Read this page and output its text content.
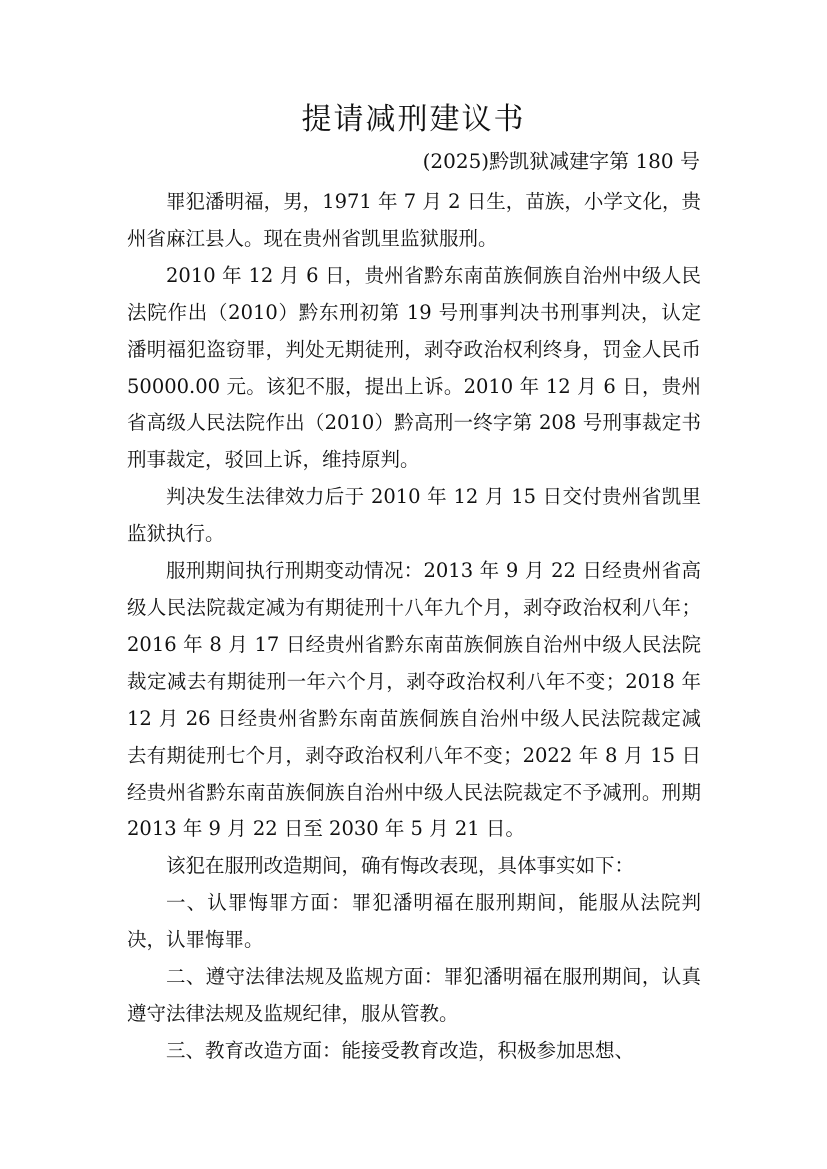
提请减刑建议书
(2025)黔凯狱减建字第 180 号

罪犯潘明福，男，1971 年 7 月 2 日生，苗族，小学文化，贵州省麻江县人。现在贵州省凯里监狱服刑。

2010 年 12 月 6 日，贵州省黔东南苗族侗族自治州中级人民法院作出（2010）黔东刑初第 19 号刑事判决书刑事判决，认定潘明福犯盗窃罪，判处无期徒刑，剥夺政治权利终身，罚金人民币 50000.00 元。该犯不服，提出上诉。2010 年 12 月 6 日，贵州省高级人民法院作出（2010）黔高刑一终字第 208 号刑事裁定书刑事裁定，驳回上诉，维持原判。

判决发生法律效力后于 2010 年 12 月 15 日交付贵州省凯里监狱执行。

服刑期间执行刑期变动情况：2013 年 9 月 22 日经贵州省高级人民法院裁定减为有期徒刑十八年九个月，剥夺政治权利八年；2016 年 8 月 17 日经贵州省黔东南苗族侗族自治州中级人民法院裁定减去有期徒刑一年六个月，剥夺政治权利八年不变；2018 年 12 月 26 日经贵州省黔东南苗族侗族自治州中级人民法院裁定减去有期徒刑七个月，剥夺政治权利八年不变；2022 年 8 月 15 日经贵州省黔东南苗族侗族自治州中级人民法院裁定不予减刑。刑期 2013 年 9 月 22 日至 2030 年 5 月 21 日。

该犯在服刑改造期间，确有悔改表现，具体事实如下：

一、认罪悔罪方面：罪犯潘明福在服刑期间，能服从法院判决，认罪悔罪。

二、遵守法律法规及监规方面：罪犯潘明福在服刑期间，认真遵守法律法规及监规纪律，服从管教。

三、教育改造方面：能接受教育改造，积极参加思想、
